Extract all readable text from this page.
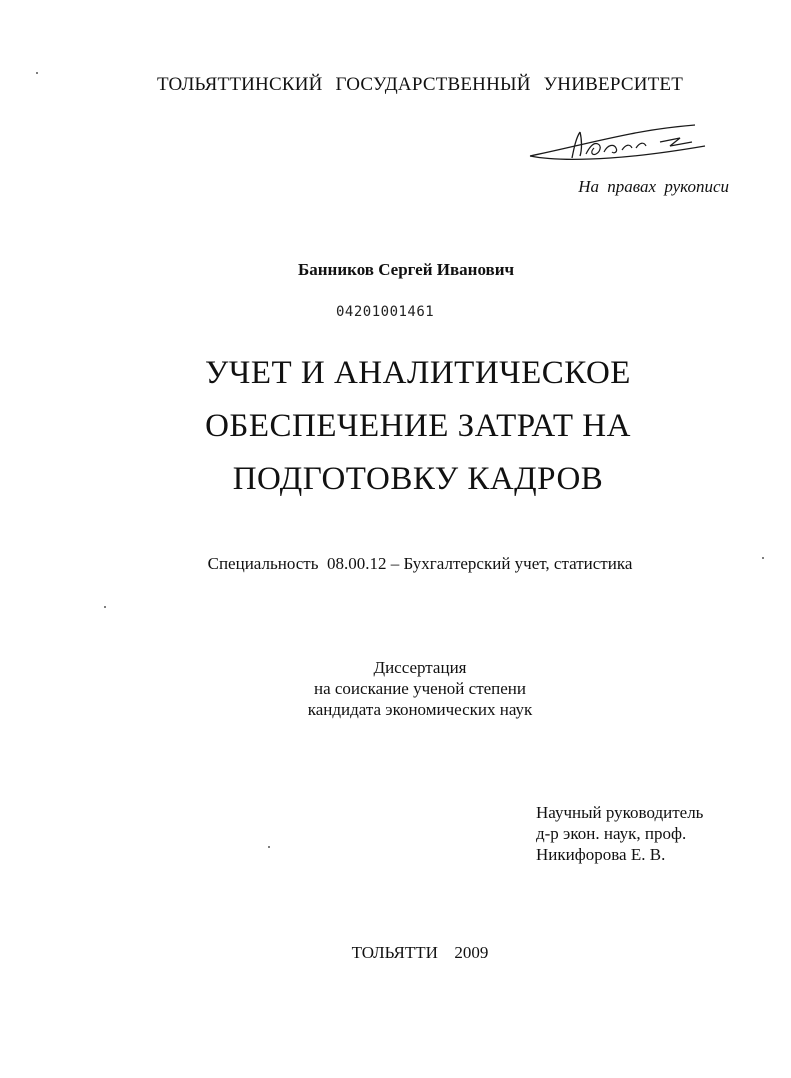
ТОЛЬЯТТИНСКИЙ ГОСУДАРСТВЕННЫЙ УНИВЕРСИТЕТ
На правах рукописи
Банников Сергей Иванович
04201001461
УЧЕТ И АНАЛИТИЧЕСКОЕ
ОБЕСПЕЧЕНИЕ ЗАТРАТ НА
ПОДГОТОВКУ КАДРОВ
Специальность  08.00.12 – Бухгалтерский учет, статистика
Диссертация
на соискание ученой степени
кандидата экономических наук
Научный руководитель
д-р экон. наук, проф.
Никифорова Е. В.
ТОЛЬЯТТИ  2009
